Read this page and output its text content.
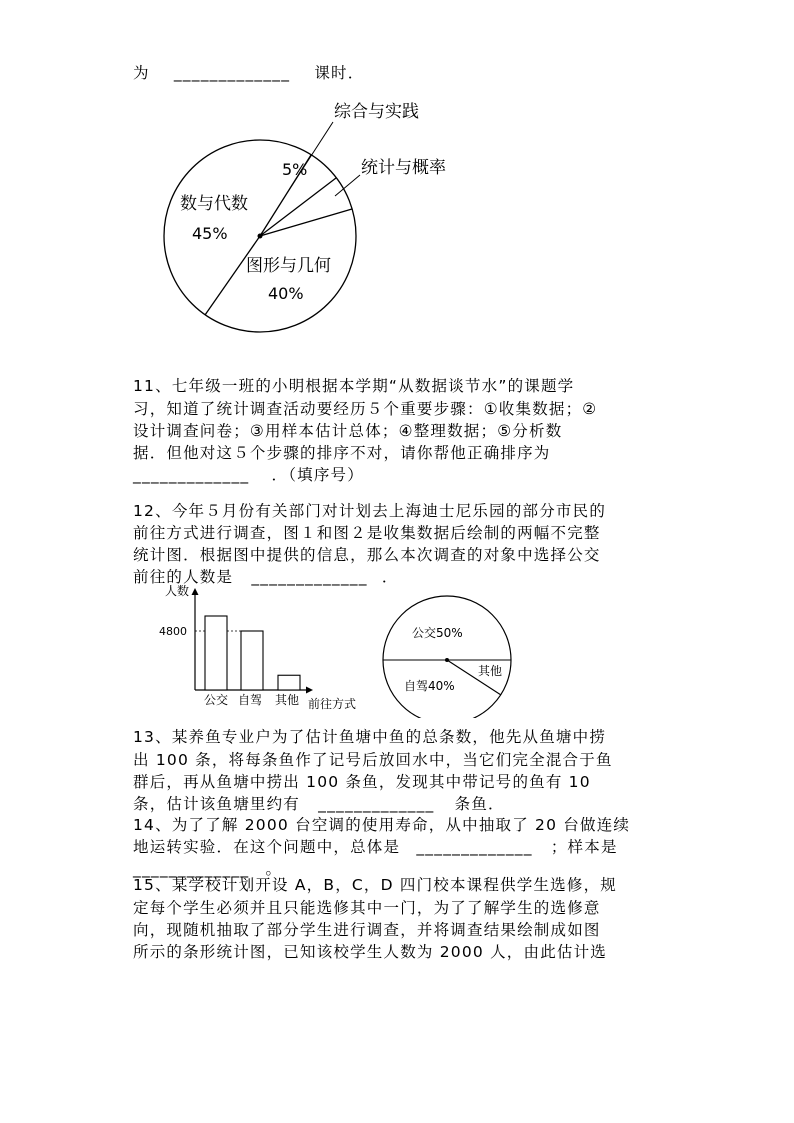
为 _____________ 课时．
综合与实践
统计与概率
5%
数与代数
45%
图形与几何
40%
11、七年级一班的小明根据本学期“从数据谈节水”的课题学
习，知道了统计调查活动要经历５个重要步骤：①收集数据；②
设计调查问卷；③用样本估计总体；④整理数据；⑤分析数
据．但他对这５个步骤的排序不对，请你帮他正确排序为
_____________ ．（填序号）
12、今年５月份有关部门对计划去上海迪士尼乐园的部分市民的
前往方式进行调查，图１和图２是收集数据后绘制的两幅不完整
统计图．根据图中提供的信息，那么本次调查的对象中选择公交
前往的人数是 _____________ ．
人数
前往方式
4800
公交 自驾 其他
公交50%
其他
自驾40%
13、某养鱼专业户为了估计鱼塘中鱼的总条数，他先从鱼塘中捞
出 100 条，将每条鱼作了记号后放回水中，当它们完全混合于鱼
群后，再从鱼塘中捞出 100 条鱼，发现其中带记号的鱼有 10
条，估计该鱼塘里约有 _____________ 条鱼．
14、为了了解 2000 台空调的使用寿命，从中抽取了 20 台做连续
地运转实验．在这个问题中，总体是 _____________ ；样本是
_____________ 。
15、某学校计划开设 A，B，C，D 四门校本课程供学生选修，规
定每个学生必须并且只能选修其中一门，为了了解学生的选修意
向，现随机抽取了部分学生进行调查，并将调查结果绘制成如图
所示的条形统计图，已知该校学生人数为 2000 人，由此估计选
